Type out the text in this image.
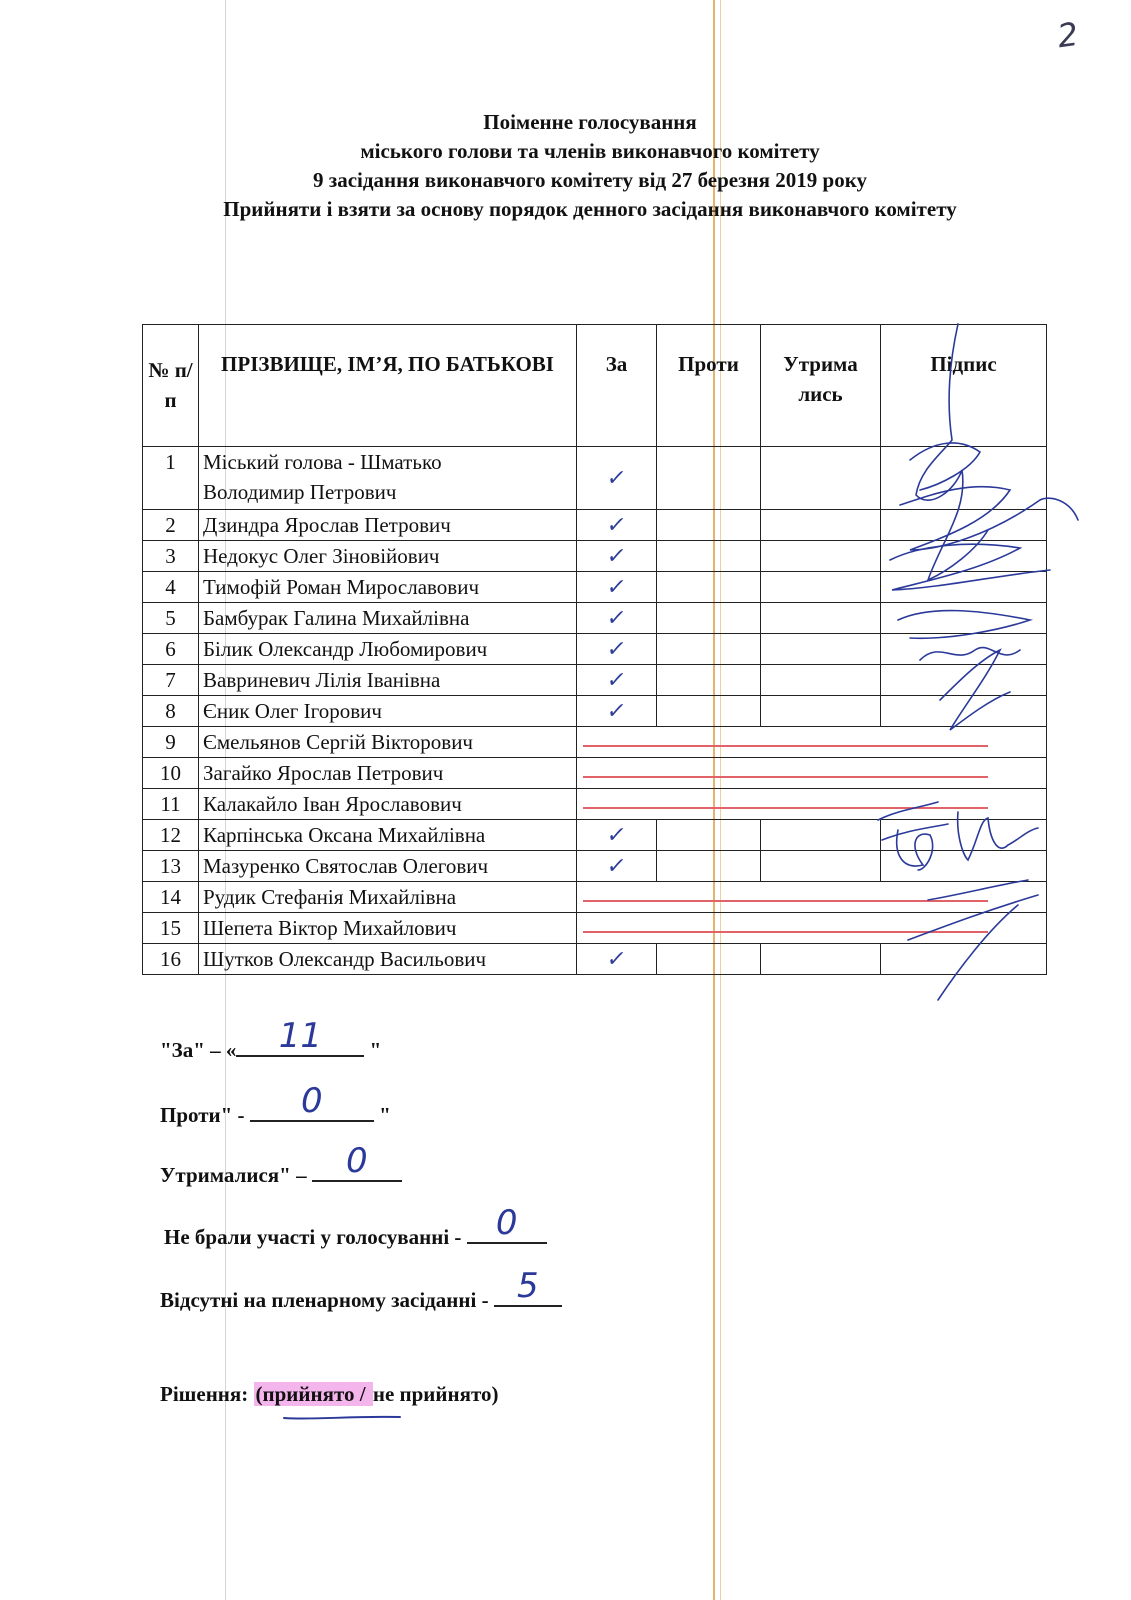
2
Поіменне голосування
міського голови та членів виконавчого комітету
9 засідання виконавчого комітету від 27 березня 2019 року
Прийняти і взяти за основу порядок денного засідання виконавчого комітету
№ п/п	ПРІЗВИЩЕ, ІМ’Я, ПО БАТЬКОВІ	За	Проти	Утрима лись	Підпис
1	Міський голова - Шматько
Володимир Петрович	✓			
2	Дзиндра Ярослав Петрович	✓			
3	Недокус Олег Зіновійович	✓			
4	Тимофій Роман Мирославович	✓			
5	Бамбурак Галина Михайлівна	✓			
6	Білик Олександр Любомирович	✓			
7	Вавриневич Лілія Іванівна	✓			
8	Єник Олег Ігорович	✓			
9	Ємельянов Сергій Вікторович				

10	Загайко Ярослав Петрович				

11	Калакайло Іван Ярославович				

12	Карпінська Оксана Михайлівна	✓			
13	Мазуренко Святослав Олегович	✓			
14	Рудик Стефанія Михайлівна				

15	Шепета Віктор Михайлович				

16	Шутков Олександр Васильович	✓			
"За" – «	11	"
Проти" -	0	"
Утрималися" –	0
Не брали участі у голосуванні - 0
Відсутні на пленарному засіданні - 5
Рішення: (прийнято / не прийнято)
